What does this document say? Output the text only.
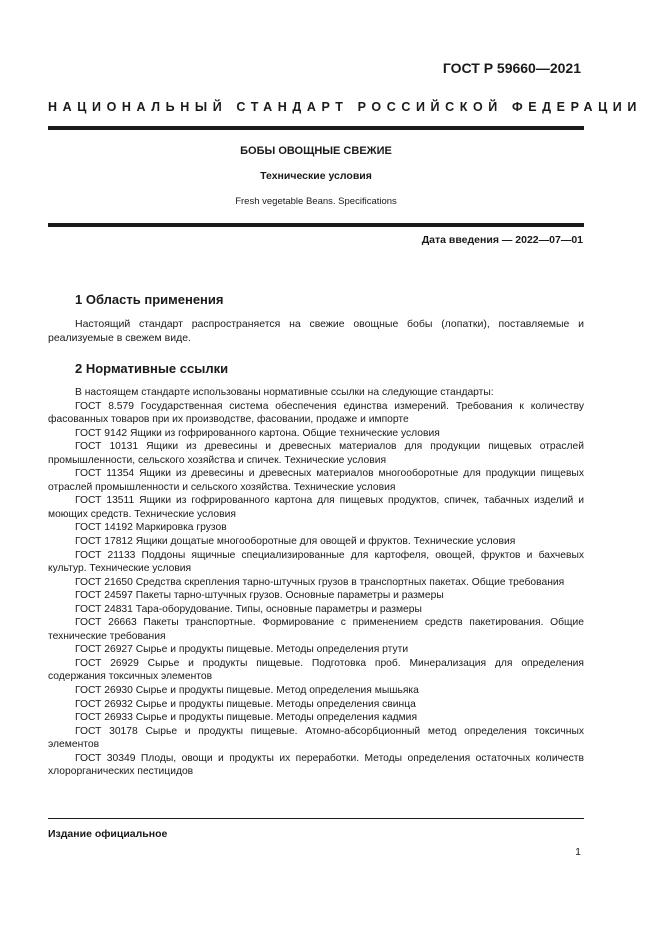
ГОСТ Р 59660—2021
НАЦИОНАЛЬНЫЙ СТАНДАРТ РОССИЙСКОЙ ФЕДЕРАЦИИ
БОБЫ ОВОЩНЫЕ СВЕЖИЕ
Технические условия
Fresh vegetable Beans. Specifications
Дата введения — 2022—07—01
1 Область применения
Настоящий стандарт распространяется на свежие овощные бобы (лопатки), поставляемые и реализуемые в свежем виде.
2 Нормативные ссылки

В настоящем стандарте использованы нормативные ссылки на следующие стандарты:

ГОСТ 8.579 Государственная система обеспечения единства измерений. Требования к количеству фасованных товаров при их производстве, фасовании, продаже и импорте

ГОСТ 9142 Ящики из гофрированного картона. Общие технические условия

ГОСТ 10131 Ящики из древесины и древесных материалов для продукции пищевых отраслей промышленности, сельского хозяйства и спичек. Технические условия

ГОСТ 11354 Ящики из древесины и древесных материалов многооборотные для продукции пищевых отраслей промышленности и сельского хозяйства. Технические условия

ГОСТ 13511 Ящики из гофрированного картона для пищевых продуктов, спичек, табачных изделий и моющих средств. Технические условия

ГОСТ 14192 Маркировка грузов

ГОСТ 17812 Ящики дощатые многооборотные для овощей и фруктов. Технические условия

ГОСТ 21133 Поддоны ящичные специализированные для картофеля, овощей, фруктов и бахчевых культур. Технические условия

ГОСТ 21650 Средства скрепления тарно-штучных грузов в транспортных пакетах. Общие требования

ГОСТ 24597 Пакеты тарно-штучных грузов. Основные параметры и размеры

ГОСТ 24831 Тара-оборудование. Типы, основные параметры и размеры

ГОСТ 26663 Пакеты транспортные. Формирование с применением средств пакетирования. Общие технические требования

ГОСТ 26927 Сырье и продукты пищевые. Методы определения ртути

ГОСТ 26929 Сырье и продукты пищевые. Подготовка проб. Минерализация для определения содержания токсичных элементов

ГОСТ 26930 Сырье и продукты пищевые. Метод определения мышьяка

ГОСТ 26932 Сырье и продукты пищевые. Методы определения свинца

ГОСТ 26933 Сырье и продукты пищевые. Методы определения кадмия

ГОСТ 30178 Сырье и продукты пищевые. Атомно-абсорбционный метод определения токсичных элементов

ГОСТ 30349 Плоды, овощи и продукты их переработки. Методы определения остаточных количеств хлорорганических пестицидов

Издание официальное
1
